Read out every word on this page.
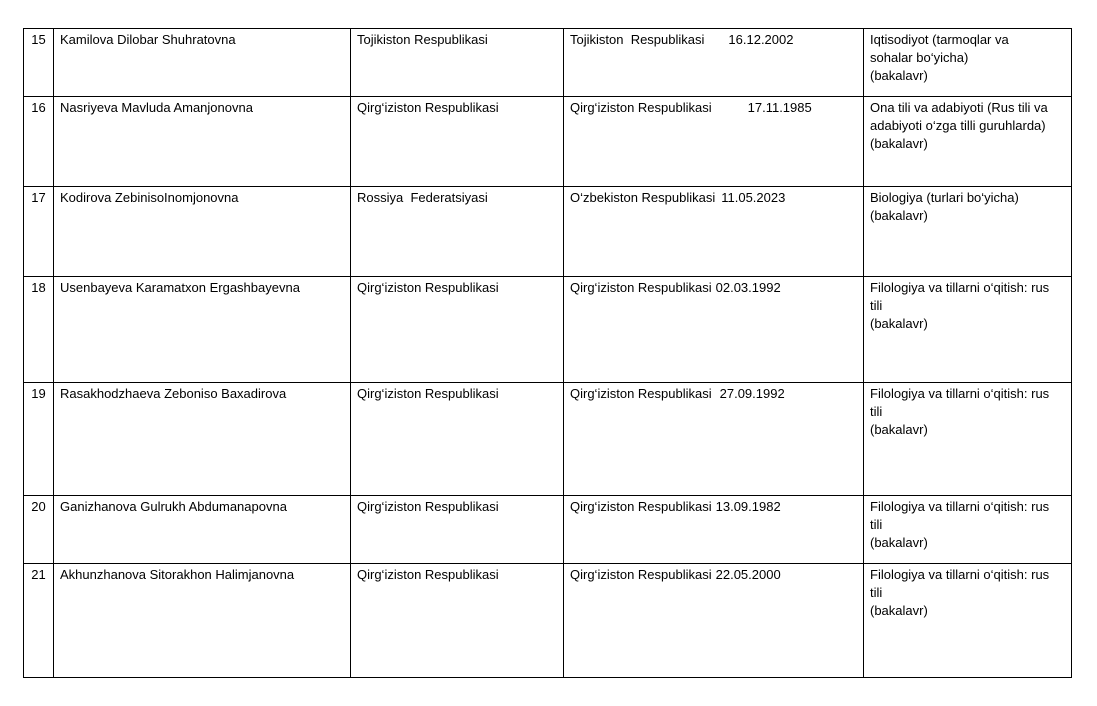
15	Kamilova Dilobar Shuhratovna	Tojikiston Respublikasi	Tojikiston  Respublikasi 16.12.2002	Iqtisodiyot (tarmoqlar va
sohalar bo‘yicha)
(bakalavr)

16	Nasriyeva Mavluda Amanjonovna	Qirg‘iziston Respublikasi	Qirg‘iziston Respublikasi 17.11.1985	Ona tili va adabiyoti (Rus tili va
adabiyoti o‘zga tilli guruhlarda)
(bakalavr)

17	Kodirova ZebinisoInomjonovna	Rossiya  Federatsiyasi	O‘zbekiston Respublikasi 11.05.2023	Biologiya (turlari bo‘yicha)
(bakalavr)

18	Usenbayeva Karamatxon Ergashbayevna	Qirg‘iziston Respublikasi	Qirg‘iziston Respublikasi 02.03.1992	Filologiya va tillarni o‘qitish: rus
tili
(bakalavr)

19	Rasakhodzhaeva Zeboniso Baxadirova	Qirg‘iziston Respublikasi	Qirg‘iziston Respublikasi 27.09.1992	Filologiya va tillarni o‘qitish: rus
tili
(bakalavr)

20	Ganizhanova Gulrukh Abdumanapovna	Qirg‘iziston Respublikasi	Qirg‘iziston Respublikasi 13.09.1982	Filologiya va tillarni o‘qitish: rus
tili
(bakalavr)

21	Akhunzhanova Sitorakhon Halimjanovna	Qirg‘iziston Respublikasi	Qirg‘iziston Respublikasi 22.05.2000	Filologiya va tillarni o‘qitish: rus
tili
(bakalavr)
